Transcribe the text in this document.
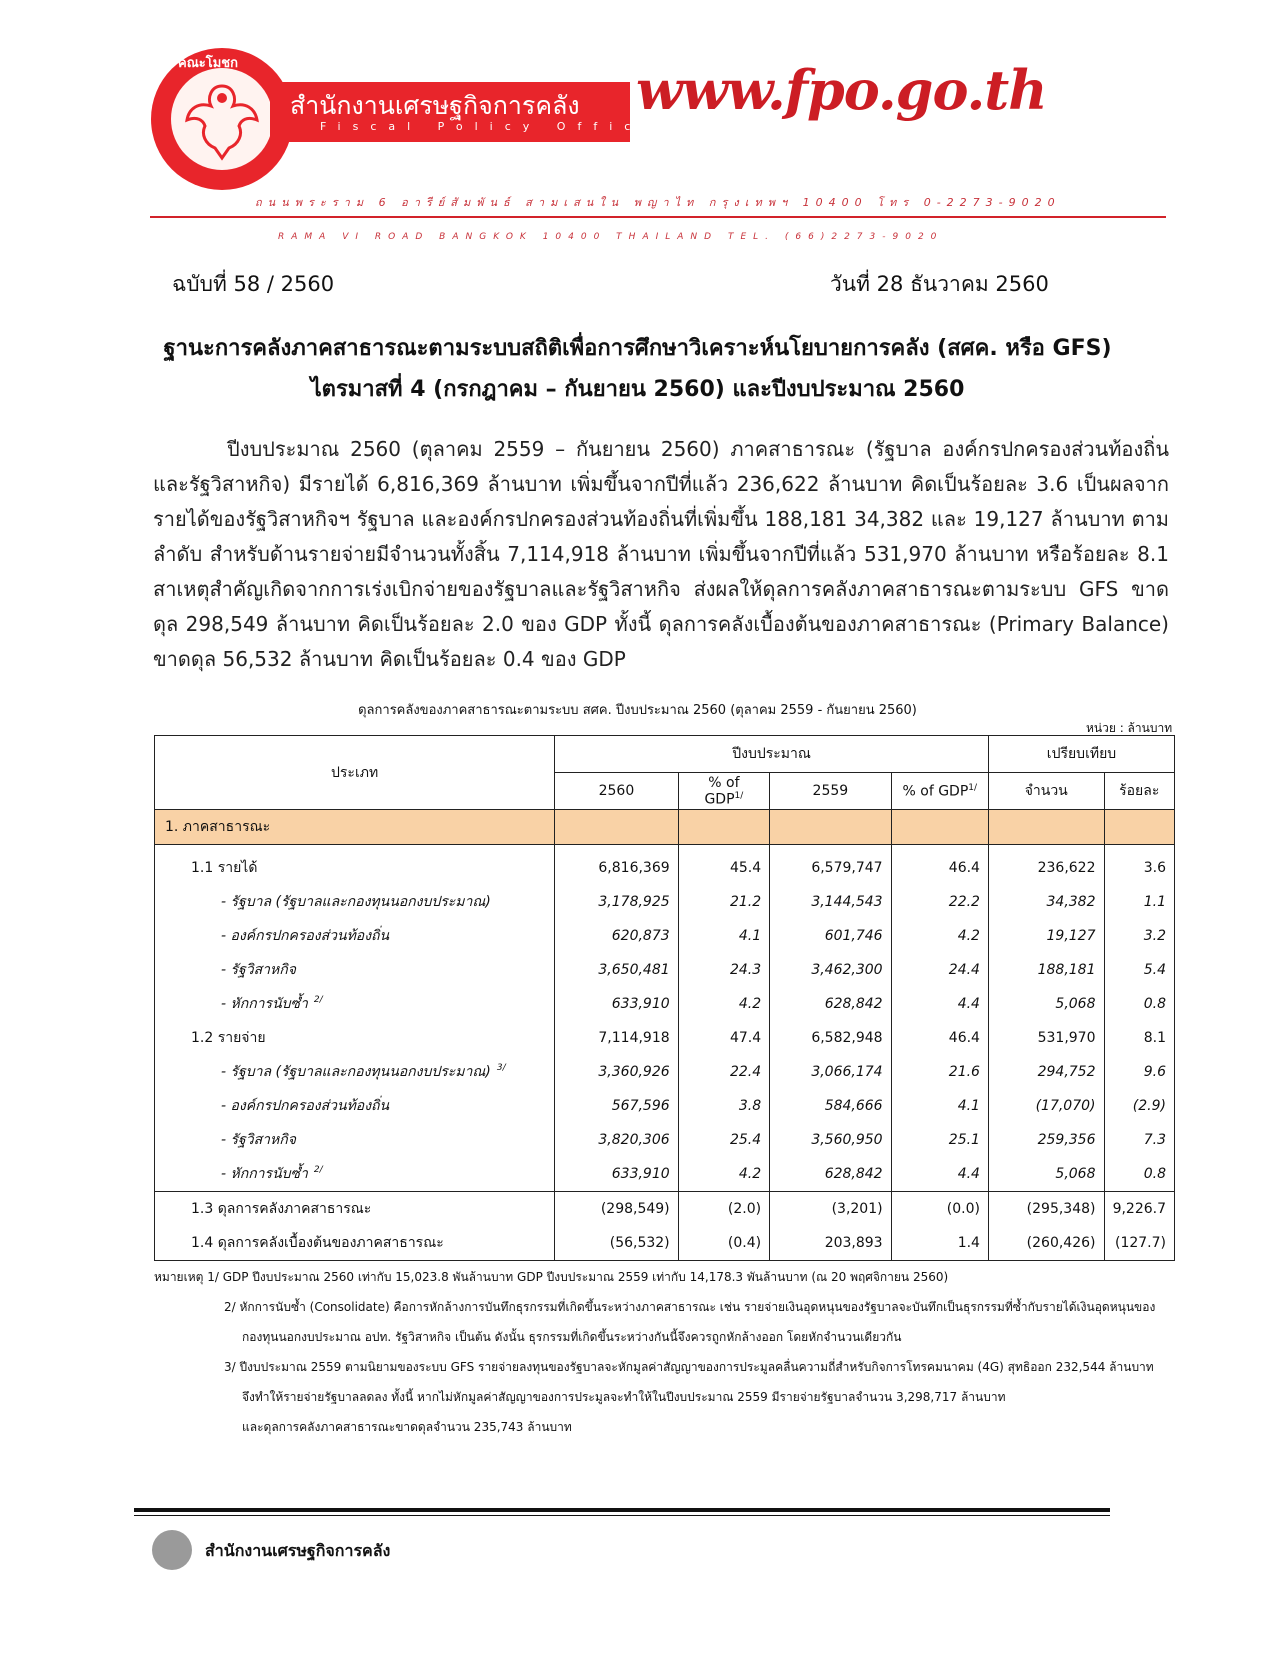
คณะโมชก
สำนักงานเศรษฐกิจการคลัง
Fiscal Policy Office
www.fpo.go.th
ถนนพระราม 6 อารีย์สัมพันธ์ สามเสนใน พญาไท กรุงเทพฯ 10400 โทร 0-2273-9020
RAMA VI ROAD BANGKOK 10400 THAILAND TEL. (66)2273-9020
ฉบับที่ 58 / 2560	วันที่ 28 ธันวาคม 2560
ฐานะการคลังภาคสาธารณะตามระบบสถิติเพื่อการศึกษาวิเคราะห์นโยบายการคลัง (สศค. หรือ GFS)
ไตรมาสที่ 4 (กรกฎาคม – กันยายน 2560) และปีงบประมาณ 2560
ปีงบประมาณ 2560 (ตุลาคม 2559 – กันยายน 2560) ภาคสาธารณะ (รัฐบาล องค์กรปกครองส่วนท้องถิ่น และรัฐวิสาหกิจ) มีรายได้ 6,816,369 ล้านบาท เพิ่มขึ้นจากปีที่แล้ว 236,622 ล้านบาท คิดเป็นร้อยละ 3.6 เป็นผลจากรายได้ของรัฐวิสาหกิจฯ รัฐบาล และองค์กรปกครองส่วนท้องถิ่นที่เพิ่มขึ้น 188,181 34,382 และ 19,127 ล้านบาท ตามลำดับ สำหรับด้านรายจ่ายมีจำนวนทั้งสิ้น 7,114,918 ล้านบาท เพิ่มขึ้นจากปีที่แล้ว 531,970 ล้านบาท หรือร้อยละ 8.1 สาเหตุสำคัญเกิดจากการเร่งเบิกจ่ายของรัฐบาลและรัฐวิสาหกิจ ส่งผลให้ดุลการคลังภาคสาธารณะตามระบบ GFS ขาดดุล 298,549 ล้านบาท คิดเป็นร้อยละ 2.0 ของ GDP ทั้งนี้ ดุลการคลังเบื้องต้นของภาคสาธารณะ (Primary Balance) ขาดดุล 56,532 ล้านบาท คิดเป็นร้อยละ 0.4 ของ GDP
ดุลการคลังของภาคสาธารณะตามระบบ สศค. ปีงบประมาณ 2560 (ตุลาคม 2559 - กันยายน 2560)
หน่วย : ล้านบาท
ประเภท	ปีงบประมาณ				เปรียบเทียบ	
	2560	% of $GDP^{1/}$	2559	% of $GDP^{1/}$	จำนวน	ร้อยละ
1. ภาคสาธารณะ						
1.1 รายได้	6,816,369	45.4	6,579,747	46.4	236,622	3.6
- รัฐบาล (รัฐบาลและกองทุนนอกงบประมาณ)	3,178,925	21.2	3,144,543	22.2	34,382	1.1
- องค์กรปกครองส่วนท้องถิ่น	620,873	4.1	601,746	4.2	19,127	3.2
- รัฐวิสาหกิจ	3,650,481	24.3	3,462,300	24.4	188,181	5.4
- หักการนับซ้ำ $^{2/}$	633,910	4.2	628,842	4.4	5,068	0.8
1.2 รายจ่าย	7,114,918	47.4	6,582,948	46.4	531,970	8.1
- รัฐบาล (รัฐบาลและกองทุนนอกงบประมาณ) $^{3/}$	3,360,926	22.4	3,066,174	21.6	294,752	9.6
- องค์กรปกครองส่วนท้องถิ่น	567,596	3.8	584,666	4.1	(17,070)	(2.9)
- รัฐวิสาหกิจ	3,820,306	25.4	3,560,950	25.1	259,356	7.3
- หักการนับซ้ำ $^{2/}$	633,910	4.2	628,842	4.4	5,068	0.8
1.3 ดุลการคลังภาคสาธารณะ	(298,549)	(2.0)	(3,201)	(0.0)	(295,348)	9,226.7
1.4 ดุลการคลังเบื้องต้นของภาคสาธารณะ	(56,532)	(0.4)	203,893	1.4	(260,426)	(127.7)
หมายเหตุ 1/ GDP ปีงบประมาณ 2560 เท่ากับ 15,023.8 พันล้านบาท GDP ปีงบประมาณ 2559 เท่ากับ 14,178.3 พันล้านบาท (ณ 20 พฤศจิกายน 2560)
2/ หักการนับซ้ำ (Consolidate) คือการหักล้างการบันทึกธุรกรรมที่เกิดขึ้นระหว่างภาคสาธารณะ เช่น รายจ่ายเงินอุดหนุนของรัฐบาลจะบันทึกเป็นธุรกรรมที่ซ้ำกับรายได้เงินอุดหนุนของ
กองทุนนอกงบประมาณ อปท. รัฐวิสาหกิจ เป็นต้น ดังนั้น ธุรกรรมที่เกิดขึ้นระหว่างกันนี้จึงควรถูกหักล้างออก โดยหักจำนวนเดียวกัน
3/ ปีงบประมาณ 2559 ตามนิยามของระบบ GFS รายจ่ายลงทุนของรัฐบาลจะหักมูลค่าสัญญาของการประมูลคลื่นความถี่สำหรับกิจการโทรคมนาคม (4G) สุทธิออก 232,544 ล้านบาท
จึงทำให้รายจ่ายรัฐบาลลดลง ทั้งนี้ หากไม่หักมูลค่าสัญญาของการประมูลจะทำให้ในปีงบประมาณ 2559 มีรายจ่ายรัฐบาลจำนวน 3,298,717 ล้านบาท
และดุลการคลังภาคสาธารณะขาดดุลจำนวน 235,743 ล้านบาท
สำนักงานเศรษฐกิจการคลัง
